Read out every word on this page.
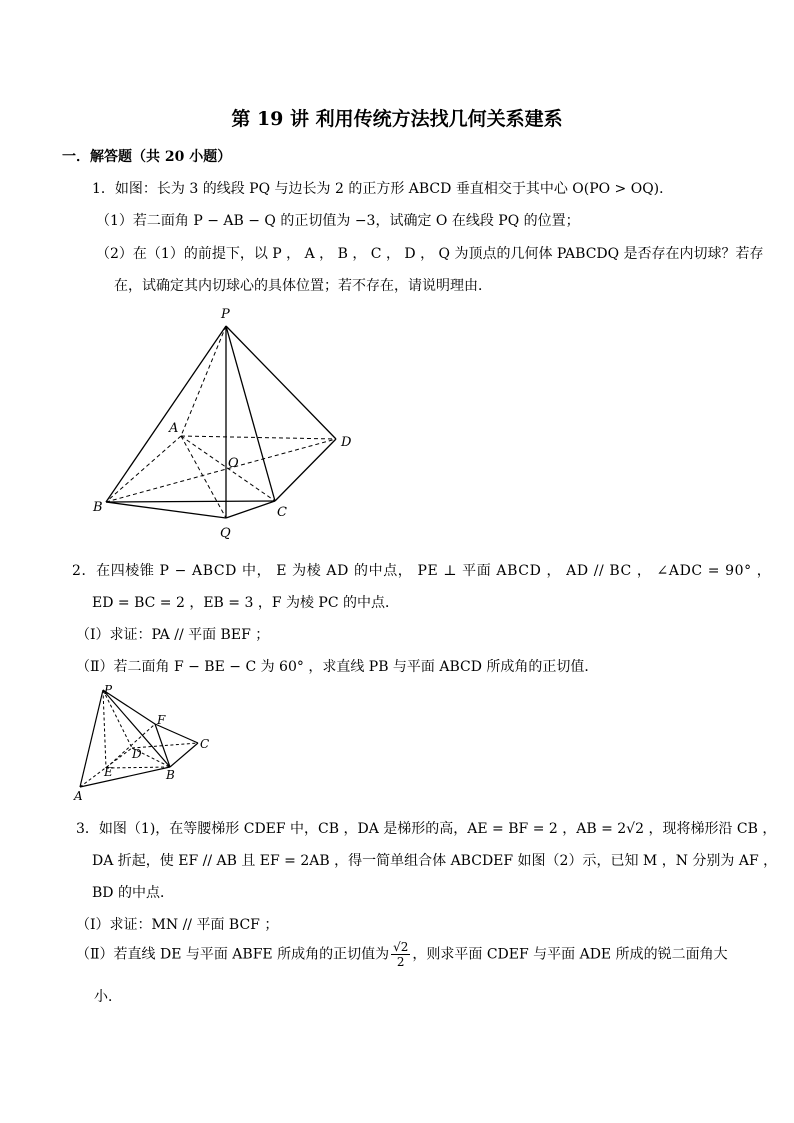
第 19 讲 利用传统方法找几何关系建系
一．解答题（共 20 小题）
1．如图：长为 3 的线段 PQ 与边长为 2 的正方形 ABCD 垂直相交于其中心 O(PO > OQ)．
（1）若二面角 P − AB − Q 的正切值为 −3，试确定 O 在线段 PQ 的位置；
（2）在（1）的前提下，以 P ， A ， B ， C ， D ， Q 为顶点的几何体 PABCDQ 是否存在内切球？若存
在，试确定其内切球心的具体位置；若不存在，请说明理由．
P
A
O
D
B	C
Q
2．在四棱锥 P − ABCD 中， E 为棱 AD 的中点， PE ⊥ 平面 ABCD ， AD // BC ， ∠ADC = 90° ，
ED = BC = 2 ，EB = 3 ，F 为棱 PC 的中点．
（Ⅰ）求证：PA // 平面 BEF ；
（Ⅱ）若二面角 F − BE − C 为 60° ，求直线 PB 与平面 ABCD 所成角的正切值．
P
F
C
D
E	B
A
3．如图（1)，在等腰梯形 CDEF 中，CB ，DA 是梯形的高，AE = BF = 2 ，AB = 2√2 ，现将梯形沿 CB ，
DA 折起，使 EF // AB 且 EF = 2AB ，得一简单组合体 ABCDEF 如图（2）示，已知 M ，N 分别为 AF ，
BD 的中点．
（Ⅰ）求证：MN // 平面 BCF ；
（Ⅱ）若直线 DE 与平面 ABFE 所成角的正切值为 $\frac{√2}{2}$ ，则求平面 CDEF 与平面 ADE 所成的锐二面角大
小．
